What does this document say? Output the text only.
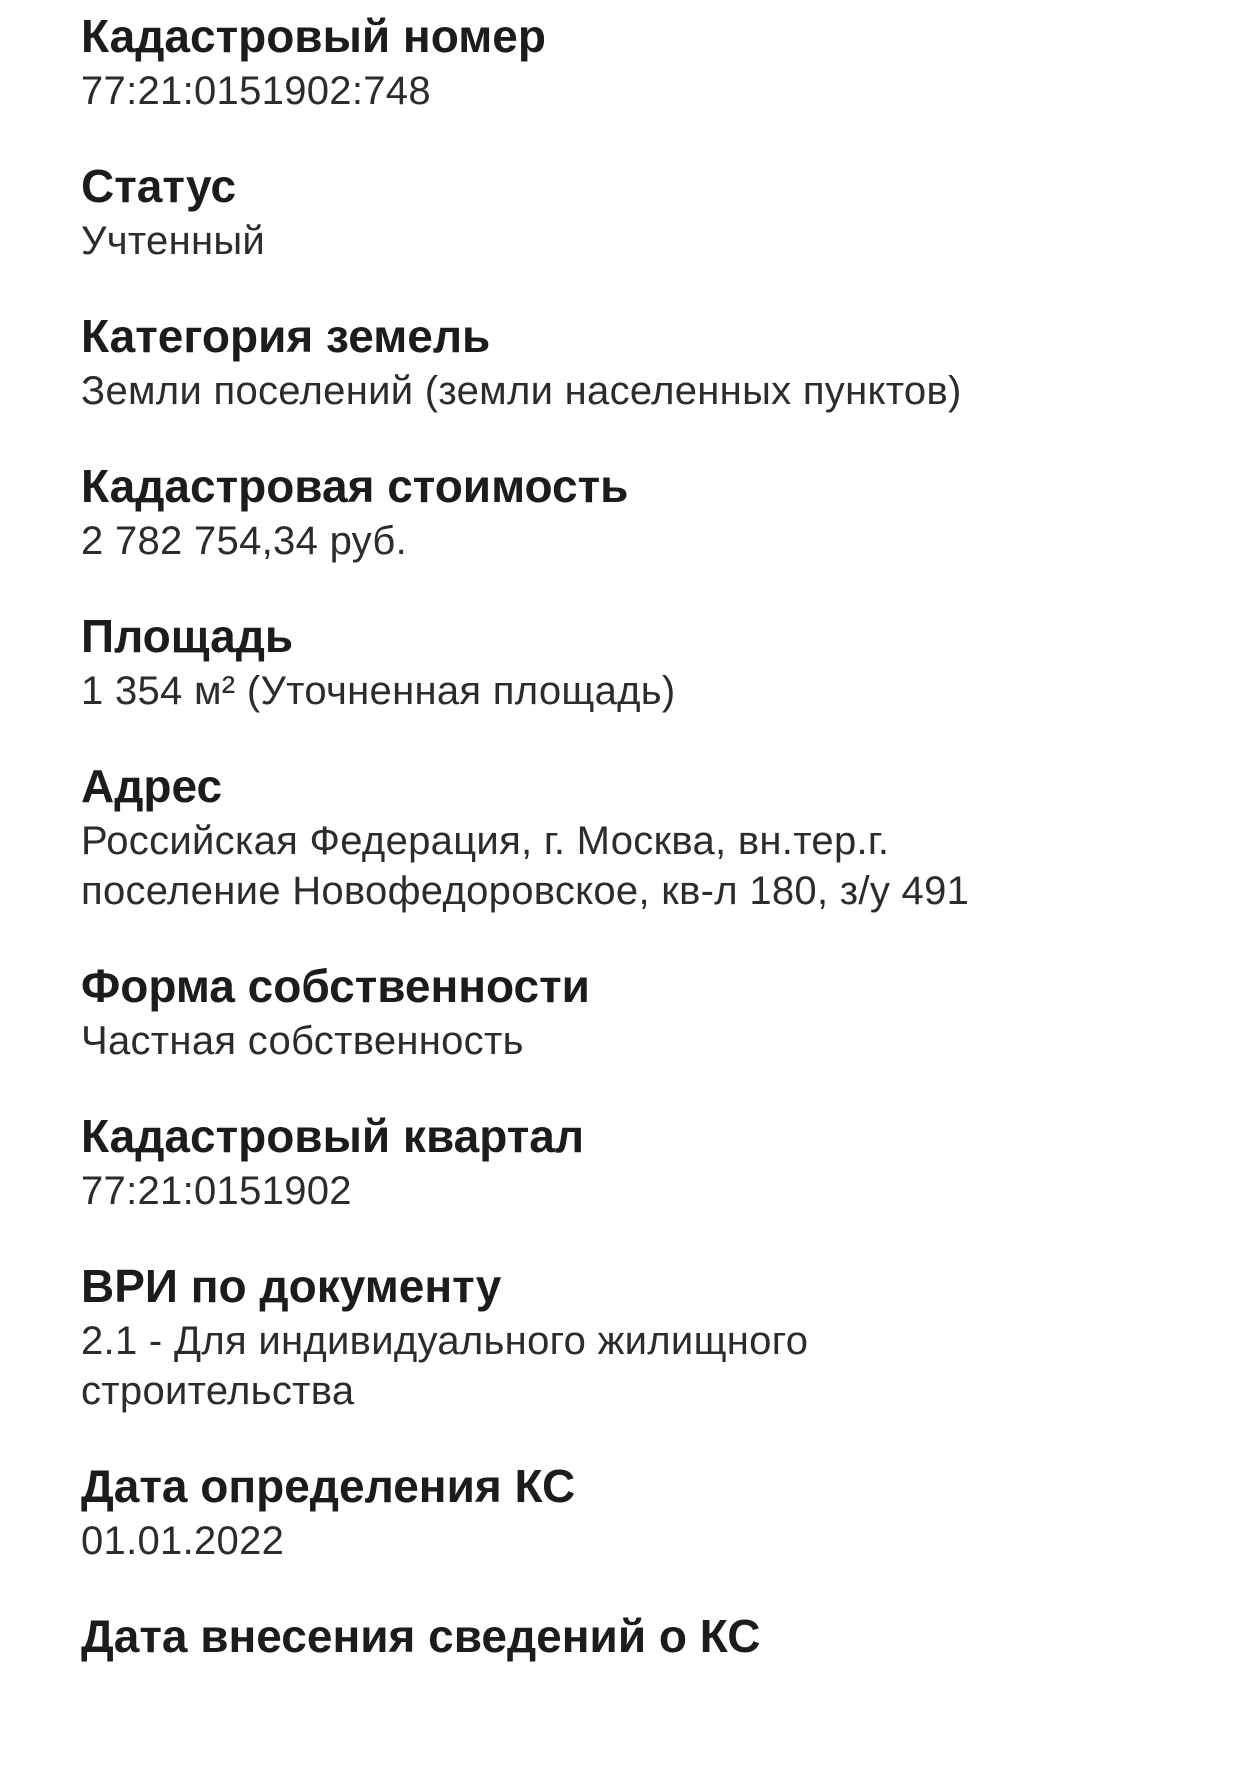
Кадастровый номер
77:21:0151902:748
Статус
Учтенный
Категория земель
Земли поселений (земли населенных пунктов)
Кадастровая стоимость
2 782 754,34 руб.
Площадь
1 354 м² (Уточненная площадь)
Адрес
Российская Федерация, г. Москва, вн.тер.г.
поселение Новофедоровское, кв-л 180, з/у 491
Форма собственности
Частная собственность
Кадастровый квартал
77:21:0151902
ВРИ по документу
2.1 - Для индивидуального жилищного
строительства
Дата определения КС
01.01.2022
Дата внесения сведений о КС
